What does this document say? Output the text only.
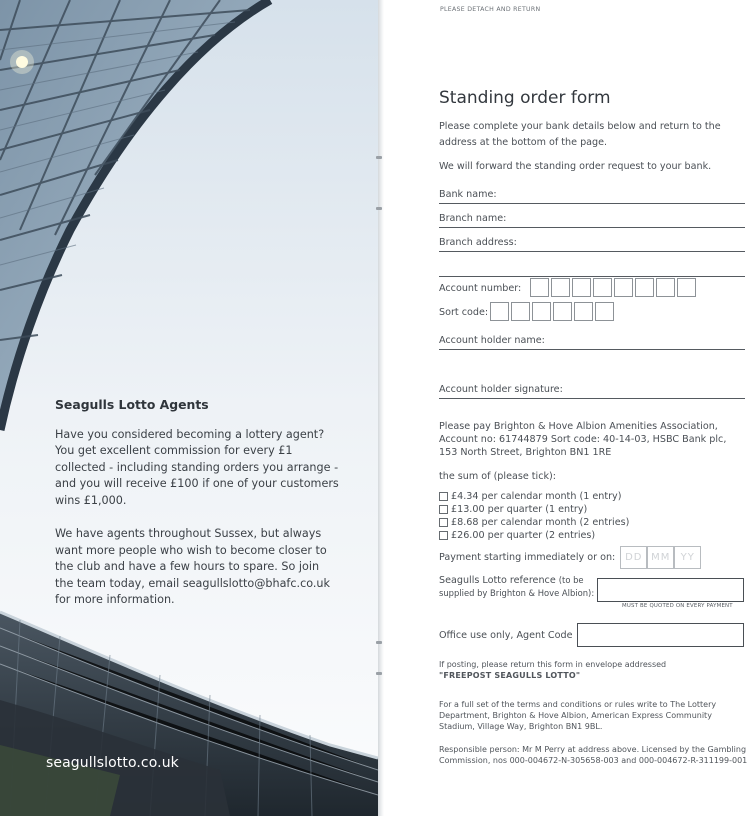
Seagulls Lotto Agents

Have you considered becoming a lottery agent? You get excellent commission for every £1 collected - including standing orders you arrange - and you will receive £100 if one of your customers wins £1,000.

We have agents throughout Sussex, but always want more people who wish to become closer to the club and have a few hours to spare. So join the team today, email seagullslotto@bhafc.co.uk for more information.

seagullslotto.co.uk
PLEASE DETACH AND RETURN
Standing order form
Please complete your bank details below and return to the address at the bottom of the page.
We will forward the standing order request to your bank.
Bank name:
Branch name:
Branch address:
Account number:
Sort code:
Account holder name:
Account holder signature:
Please pay Brighton & Hove Albion Amenities Association, Account no: 61744879 Sort code: 40-14-03, HSBC Bank plc, 153 North Street, Brighton BN1 1RE
the sum of (please tick):
£4.34 per calendar month (1 entry)
£13.00 per quarter (1 entry)
£8.68 per calendar month (2 entries)
£26.00 per quarter (2 entries)
Payment starting immediately or on: DD MM	YY
Seagulls Lotto reference (to be
supplied by Brighton & Hove Albion):
MUST BE QUOTED ON EVERY PAYMENT
Office use only, Agent Code
If posting, please return this form in envelope addressed
"FREEPOST SEAGULLS LOTTO"
For a full set of the terms and conditions or rules write to The Lottery Department, Brighton & Hove Albion, American Express Community Stadium, Village Way, Brighton BN1 9BL.
Responsible person: Mr M Perry at address above. Licensed by the Gambling Commission, nos 000-004672-N-305658-003 and 000-004672-R-311199-001
